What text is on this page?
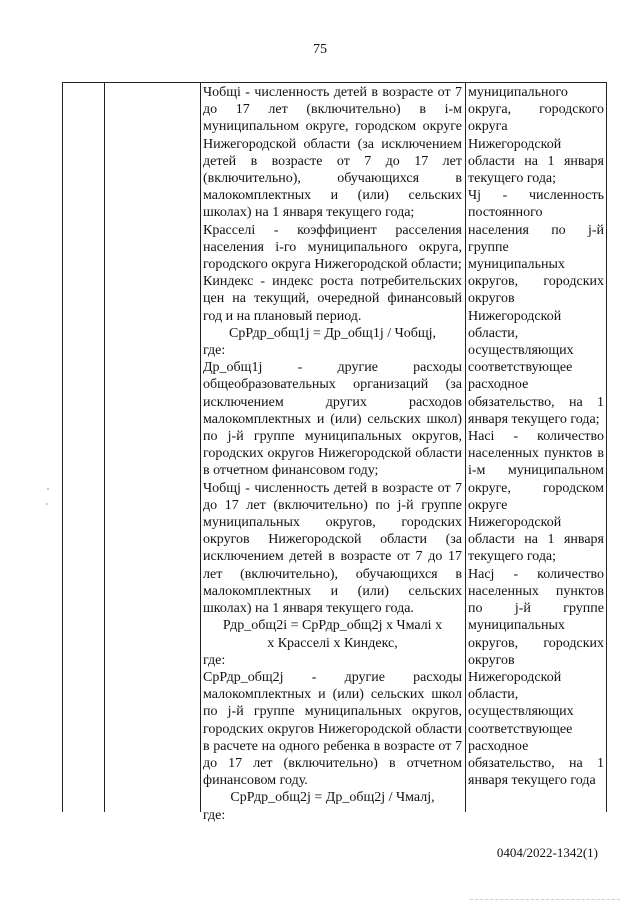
75

Чобщі - численность детей в возрасте от 7 до 17 лет (включительно) в і-м муниципальном округе, городском округе Нижегородской области (за исключением детей в возрасте от 7 до 17 лет (включительно), обучающихся в малокомплектных и (или) сельских школах) на 1 января текущего года;

Красселі - коэффициент расселения населения і-го муниципального округа, городского округа Нижегородской области;

Киндекс - индекс роста потребительских цен на текущий, очередной финансовый год и на плановый период.

СрРдр_общ1j = Др_общ1j / Чобщj,

где:

Др_общ1j - другие расходы общеобразовательных организаций (за исключением других расходов малокомплектных и (или) сельских школ) по j-й группе муниципальных округов, городских округов Нижегородской области в отчетном финансовом году;

Чобщj - численность детей в возрасте от 7 до 17 лет (включительно) по j-й группе муниципальных округов, городских округов Нижегородской области (за исключением детей в возрасте от 7 до 17 лет (включительно), обучающихся в малокомплектных и (или) сельских школах) на 1 января текущего года.

Рдр_общ2і = СрРдр_общ2j x Чмалі x

x Красселі x Киндекс,

где:

СрРдр_общ2j - другие расходы малокомплектных и (или) сельских школ по j-й группе муниципальных округов, городских округов Нижегородской области в расчете на одного ребенка в возрасте от 7 до 17 лет (включительно) в отчетном финансовом году.

СрРдр_общ2j = Др_общ2j / Чмалj,

где:

муниципального округа, городского округа Нижегородской области на 1 января текущего года;

Чj - численность постоянного населения по j-й группе муниципальных округов, городских округов Нижегородской области, осуществляющих соответствующее расходное обязательство, на 1 января текущего года;

Насі - количество населенных пунктов в і-м муниципальном округе, городском округе Нижегородской области на 1 января текущего года;

Насj - количество населенных пунктов по j-й группе муниципальных округов, городских округов Нижегородской области, осуществляющих соответствующее расходное обязательство, на 1 января текущего года

0404/2022-1342(1)
